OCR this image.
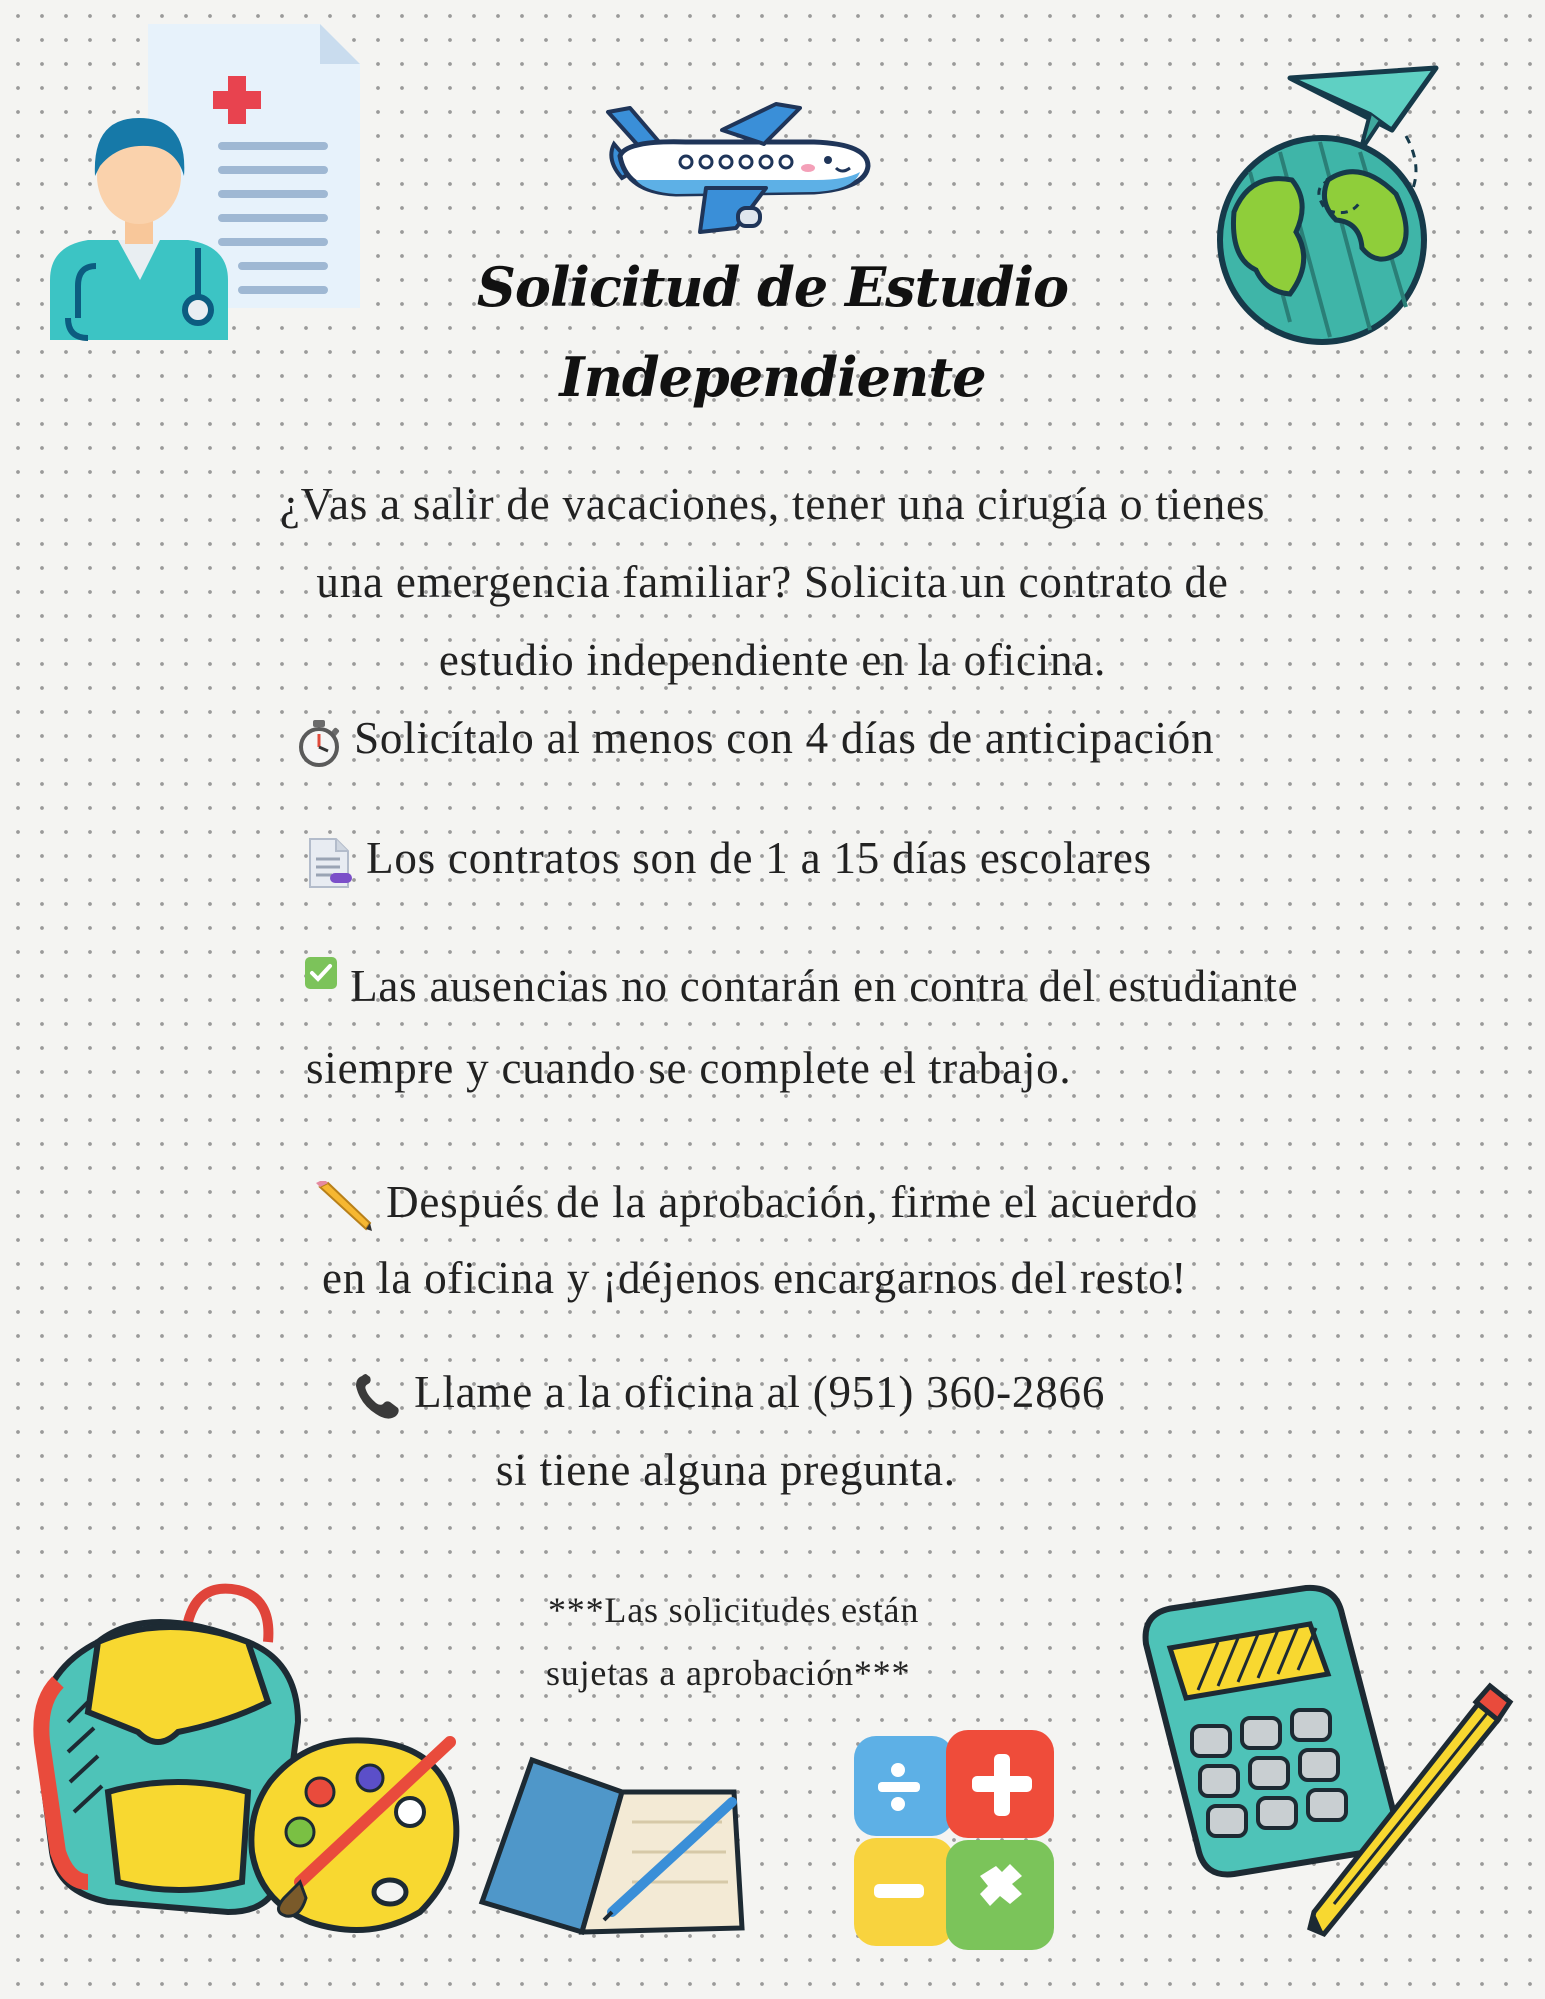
Solicitud de Estudio
Independiente
¿Vas a salir de vacaciones, tener una cirugía o tienes
una emergencia familiar? Solicita un contrato de
estudio independiente en la oficina.
Solicítalo al menos con 4 días de anticipación
Los contratos son de 1 a 15 días escolares
Las ausencias no contarán en contra del estudiante
siempre y cuando se complete el trabajo.
Después de la aprobación, firme el acuerdo
en la oficina y ¡déjenos encargarnos del resto!
Llame a la oficina al (951) 360-2866
si tiene alguna pregunta.
***Las solicitudes están
sujetas a aprobación***
